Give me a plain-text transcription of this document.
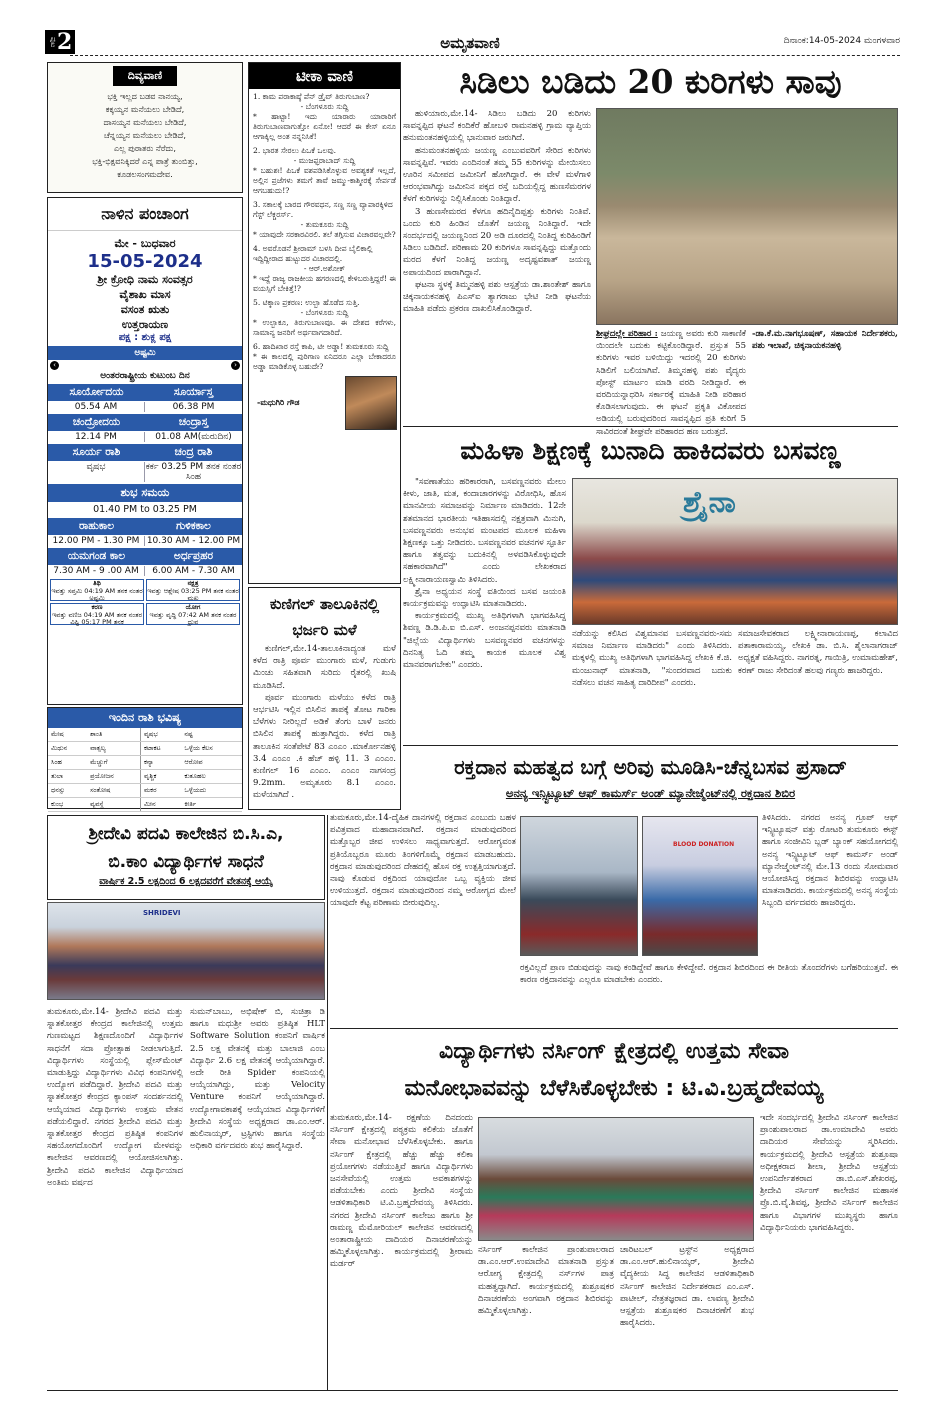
ಪುಟ 2	ಅಮೃತವಾಣಿ	ದಿನಾಂಕ:14-05-2024 ಮಂಗಳವಾರ
ದಿವ್ಯವಾಣಿ
ಭಕ್ತಿ ಇಲ್ಲದ ಬಡವ ನಾನಯ್ಯ,
ಕಕ್ಕಯ್ಯನ ಮನೆಯಲು ಬೇಡಿದೆ,
ದಾಸಯ್ಯನ ಮನೆಯಲು ಬೇಡಿದೆ,
ಚೆನ್ನಯ್ಯನ ಮನೆಯಲು ಬೇಡಿದೆ,
ಎಲ್ಲ ಪುರಾತರು ನೆರೆದು,
ಭಕ್ತಿ-ಭಿಕ್ಷವನಿಕ್ಕಿದರೆ ಎನ್ನ ಪಾತ್ರೆ ತುಂಬಿತ್ತು,
ಕೂಡಲಸಂಗಮದೇವ.
ನಾಳಿನ ಪಂಚಾಂಗ
ಮೇ - ಬುಧವಾರ
15-05-2024
ಶ್ರೀ ಕ್ರೋಧಿ ನಾಮ ಸಂವತ್ಸರ
ವೈಶಾಖ ಮಾಸ
ವಸಂತ ಋತು
ಉತ್ತರಾಯಣ
ಪಕ್ಷ : ಶುಕ್ಲ ಪಕ್ಷ
ಅಷ್ಟಮಿ
‹	›
ಅಂತರರಾಷ್ಟ್ರೀಯ ಕುಟುಂಬ ದಿನ
ಸೂರ್ಯೋದಯ	ಸೂರ್ಯಾಸ್ತ
05.54 AM	06.38 PM
ಚಂದ್ರೋದಯ	ಚಂದ್ರಾಸ್ತ
12.14 PM	01.08 AM(ಮರುದಿನ)
ಸೂರ್ಯ ರಾಶಿ	ಚಂದ್ರ ರಾಶಿ
ವೃಷಭ	ಕರ್ಕ 03.25 PM ತನಕ ನಂತರ ಸಿಂಹ
ಶುಭ ಸಮಯ
01.40 PM to 03.25 PM
ರಾಹುಕಾಲ	ಗುಳಿಕಕಾಲ
12.00 PM - 1.30 PM 10.30 AM - 12.00 PM
ಯಮಗಂಡ ಕಾಲ	ಅರ್ಧಪ್ರಹರ
7.30 AM - 9 .00 AM	6.00 AM - 7.30 AM
ತಿಥಿ
ಇವತ್ತು ಸಪ್ತಮಿ 04:19 AM ತನಕ ನಂತರ ಅಷ್ಟಮಿ
ನಕ್ಷತ್ರ
ಇವತ್ತು ಆಶ್ಲೇಷ 03:25 PM ತನಕ ನಂತರ ಮಖ
ಕರಣ
ಇವತ್ತು ವಣಿಜ 04:19 AM ತನಕ ನಂತರ ವಿಷ್ಟಿ 05:17 PM ತನಕ
ಯೋಗ
ಇವತ್ತು ವೃದ್ಧಿ 07:42 AM ತನಕ ನಂತರ ಧ್ರುವ
ಇಂದಿನ ರಾಶಿ ಭವಿಷ್ಯ
ಮೇಷ	ಶಾಂತಿ	ವೃಷಭ	ನಷ್ಟ
ಮಿಥುನ	ವಾತ್ಸಲ್ಯ	ಕಟಾಕಟ	ಒಳ್ಳೆಯ ಕೆಲಸ
ಸಿಂಹ	ಮೆಚ್ಚುಗೆ	ಕನ್ಯಾ	ಆರೋಪ
ತುಲಾ	ಪ್ರಯೋಜನ	ವೃಶ್ಚಿಕ	ಕುತೂಹಲ
ಧನಸ್ಸು	ಸಂತೋಷ	ಮಕರ	ಒಳ್ಳೆಯದು
ಕುಂಭ	ವ್ಯವಸ್ಥೆ	ಮೀನ	ಕೀರ್ತಿ
ಟೀಕಾ ವಾಣಿ
1. ಕಾಮ ಪರಾಕಾಷ್ಠೆ ಪೆನ್ ಡ್ರೈವ್ ತಿರುಗುಬಾಣ?
- ಬೆಂಗಳೂರು ಸುದ್ದಿ
* ಹಾಟ್ಟಾ! ಇದು ಯಾರಾರು ಯಾರಾರಿಗೆ ತಿರುಗುಬಾಣವಾಗುತ್ತೋ ಏನೋ! ಆದರೆ ಈ ಕೇಸ್ ಏನೂ ಆಗಾಕ್ಕಿಲ್ಲ ಅಂತ ನನ್ನನಿಸಿಕೆ!
2. ಭಾರತ ಸೇರಲು ಪಿಒಕೆ ಒಲವು.
- ಮುಜಫ್ಫರಾಬಾದ್ ಸುದ್ದಿ
* ಬಹುಶಃ! ಪಿಒಕೆ ವಶಪಡಿಸಿಕೊಳ್ಳುವ ಅವಶ್ಯಕತೆ ಇಲ್ಲದೆ, ಅಲ್ಲಿನ ಪ್ರಜೆಗಳು ತಮಗೆ ತಾವೆ ಜಮ್ಮು-ಕಾಶ್ಮೀರಕ್ಕೆ ಸೇರ್ಪಡೆ ಆಗಬಹುದು!?
3. ಸಕಾಲಕ್ಕೆ ಬಾರದ ಗೌರವಧನ, ಸಣ್ಣ ಸಣ್ಣ ವ್ಯಾಪಾರಕ್ಕಿಳಿದ ಗೆಸ್ಟ್ ಲೆಕ್ಚರರ್ಸ್.
- ತುಮಕೂರು ಸುದ್ದಿ
* ಯಾವುದೇ ಸರಕಾರವಿರಲಿ. ತಲೆ ತಗ್ಗಿಸುವ ವಿಚಾರವಲ್ಲವೇ?
4. ಅವರೊಡನೆ ಶ್ರೀರಾಮ್ ಬಳಸಿ ದೀಪ ಬೈಲಿಕಾಲ್ಲಿ ಇದ್ದಿದ್ದೀರಾದ ಹುಟ್ಟುದರ ವಿಚಾರದಲ್ಲಿ.
- ಆರ್.ಅಶೋಕ್
* ಇದ್ದೆ ರಾಜ್ಯ ರಾಜಕೀಯ ಹಗರಣದಲ್ಲಿ ಕೇಳಿಬರುತ್ತಿದ್ದರೆ! ಈ ವಯಸ್ಸಿಗೆ ಬೇಕಿತ್ತೆ!?
5. ಟಿಕ್ಕಾಣ ಪ್ರಕರಣ: ಉಲ್ಬಾ ಹೊಡೆದ ಸುತ್ತಿ.
- ಬೆಂಗಳೂರು ಸುದ್ದಿ
* ಉಲ್ಬಾಕೂ, ತಿರುಗುಬಾಣವೂ. ಈ ದೇಶದ ಕರೆಗಳು, ಸಾಮಾನ್ಯ ಜನರಿಗೆ ಅರ್ಥವಾಗದಾರಿದೆ.
6. ಹಾದಿಖಾರ ರಸ್ತೆ ಕಾಪಿ, ಟೀ ಅಡ್ಡಾ! ತುಮಕೂರು ಸುದ್ದಿ
* ಈ ಕಾಲದಲ್ಲಿ ಪುರಿಗಾಣ ಏನಿದರೂ ಎಲ್ಲಾ ಬೇಕಾದರೂ ಅಡ್ಡಾ ಮಾಡಿಕೊಳ್ಳ ಬಹುದೇ?
-ಮಧುಗಿರಿ ಗೌಡ
ಕುಣಿಗಲ್ ತಾಲೂಕಿನಲ್ಲಿ ಭರ್ಜರಿ ಮಳೆ

ಕುಣಿಗಲ್,ಮೇ.14-ತಾಲೂಕಿನಾದ್ಯಂತ ಮಳೆ ಕಳೆದ ರಾತ್ರಿ ಪೂರ್ವ ಮುಂಗಾರು ಮಳೆ, ಗುಡುಗು ಮಿಂಚು ಸಹಿತವಾಗಿ ಸುರಿದು ರೈತರಲ್ಲಿ ಖುಷಿ ಮೂಡಿಸಿದೆ.

ಪೂರ್ವ ಮುಂಗಾರು ಮಳೆಯು ಕಳೆದ ರಾತ್ರಿ ಆರ್ಭಟಿಸಿ ಇಲ್ಲಿನ ಬಿಸಿಲಿನ ತಾಪಕ್ಕೆ ತೋಟ ಗಾರಿಕಾ ಬೆಳೆಗಳು ನೀರಿಲ್ಲದೆ ಅಡಿಕೆ ತೆಂಗು ಬಾಳೆ ಜನರು ಬಿಸಿಲಿನ ತಾಪಕ್ಕೆ ಹುತ್ತಾಗಿದ್ದರು. ಕಳೆದ ರಾತ್ರಿ ತಾಲೂಕಿನ ಸಂತೆಪೇಟೆ 83 ಎಂಎಂ .ಮಾರ್ಕೋನಹಳ್ಳಿ 3.4 ಎಂಎಂ .ಕಿ ಹೆಚ್ ಹಳ್ಳಿ 11. 3 ಎಂಎಂ. ಕುಣಿಗಲ್ 16 ಎಂಎಂ. ಎಂಎಂ ನಾಗಸಂದ್ರ 9.2mm. ಅಮೃತೂರು 8.1 ಎಂಎಂ. ಮಳೆಯಾಗಿದೆ .

ಸಿಡಿಲು ಬಡಿದು 20 ಕುರಿಗಳು ಸಾವು

ಹುಳಿಯಾರು,ಮೇ.14- ಸಿಡಿಲು ಬಡಿದು 20 ಕುರಿಗಳು ಸಾವನ್ನಪ್ಪಿದ ಘಟನೆ ಕಂದಿಕೆರೆ ಹೋಬಳಿ ರಾಮನಹಳ್ಳಿ ಗ್ರಾಮ ವ್ಯಾಪ್ತಿಯ ಹನುಮಂತನಹಳ್ಳಿಯಲ್ಲಿ ಭಾನುವಾರ ಜರುಗಿದೆ.

ಹನುಮಂತನಹಳ್ಳಿಯ ಜಯಣ್ಣ ಎಂಬುವವರಿಗೆ ಸೇರಿದ ಕುರಿಗಳು ಸಾವನ್ನಪ್ಪಿವೆ. ಇವರು ಎಂದಿನಂತೆ ತಮ್ಮ 55 ಕುರಿಗಳನ್ನು ಮೇಯಿಸಲು ಊರಿನ ಸಮೀಪದ ಜಮೀನಿಗೆ ಹೋಗಿದ್ದಾರೆ. ಈ ವೇಳೆ ಮಳೆಗಾಳಿ ಆರಂಭವಾಗಿದ್ದು ಜಮೀನಿನ ಪಕ್ಕದ ರಸ್ತೆ ಬದಿಯಲ್ಲಿದ್ದ ಹುಣಸೆಮರಗಳ ಕೆಳಗೆ ಕುರಿಗಳನ್ನು ನಿಲ್ಲಿಸಿಕೊಂಡು ನಿಂತಿದ್ದಾರೆ.

3 ಹುಣಸೇಮರದ ಕೆಳಗೂ ಹದಿನೈದಿಪ್ಪತ್ತು ಕುರಿಗಳು ನಿಂತಿವೆ. ಒಂದು ಕುರಿ ಹಿಂಡಿನ ಜೊತೆಗೆ ಜಯಣ್ಣ ನಿಂತಿದ್ದಾರೆ. ಇದೇ ಸಂದರ್ಭದಲ್ಲಿ ಜಯಣ್ಣನಿಂದ 20 ಅಡಿ ದೂರದಲ್ಲಿ ನಿಂತಿದ್ದ ಕುರಿಹಿಂಡಿಗೆ ಸಿಡಿಲು ಬಡಿದಿದೆ. ಪರಿಣಾಮ 20 ಕುರಿಗಳೂ ಸಾವನ್ನಪ್ಪಿದ್ದು ಮತ್ತೊಂದು ಮರದ ಕೆಳಗೆ ನಿಂತಿದ್ದ ಜಯಣ್ಣ ಅದೃಷ್ಟವಶಾತ್ ಜಯಣ್ಣ ಅಪಾಯದಿಂದ ಪಾರಾಗಿದ್ದಾನೆ.

ಘಟನಾ ಸ್ಥಳಕ್ಕೆ ತಿಮ್ಮನಹಳ್ಳಿ ಪಶು ಆಸ್ಪತ್ರೆಯ ಡಾ.ಶಾಂತೇಶ್ ಹಾಗೂ ಚಿಕ್ಕನಾಯಕನಹಳ್ಳಿ ಪಿಎಸ್‍ಐ ತ್ಯಾಗರಾಜು ಭೇಟಿ ನೀಡಿ ಘಟನೆಯ ಮಾಹಿತಿ ಪಡೆದು ಪ್ರಕರಣ ದಾಖಲಿಸಿಕೊಂಡಿದ್ದಾರೆ.

ಶೀಘ್ರದಲ್ಲೇ ಪರಿಹಾರ : ಜಯಣ್ಣ ಅವರು ಕುರಿ ಸಾಕಾಣಿಕೆ ಯಿಂದಲೇ ಬದುಕು ಕಟ್ಟಿಕೊಂಡಿದ್ದಾರೆ. ಪ್ರಸ್ತುತ 55 ಕುರಿಗಳು ಇವರ ಬಳಿಯಿದ್ದು ಇದರಲ್ಲಿ 20 ಕುರಿಗಳು ಸಿಡಿಲಿಗೆ ಬಲಿಯಾಗಿವೆ. ತಿಮ್ಮನಹಳ್ಳಿ ಪಶು ವೈದ್ಯರು ಪೋಸ್ಟ್ ಮಾರ್ಟಂ ಮಾಡಿ ವರದಿ ನೀಡಿದ್ದಾರೆ. ಈ ವರದಿಯನ್ನಾಧರಿಸಿ ಸರ್ಕಾರಕ್ಕೆ ಮಾಹಿತಿ ನೀಡಿ ಪರಿಹಾರ ಕೊಡಿಸಲಾಗುವುದು. ಈ ಘಟನೆ ಪ್ರಕೃತಿ ವಿಕೋಪದ ಅಡಿಯಲ್ಲಿ ಬರುವುದರಿಂದ ಸಾವನ್ನಪ್ಪಿದ ಪ್ರತಿ ಕುರಿಗೆ 5 ಸಾವಿರದಂತೆ ಶೀಘ್ರವೇ ಪರಿಹಾರದ ಹಣ ಬರುತ್ತದೆ.
-ಡಾ.ಕೆ.ಮ.ನಾಗಭೂಷಣ್, ಸಹಾಯಕ ನಿರ್ದೇಶಕರು, ಪಶು ಇಲಾಖೆ, ಚಿಕ್ಕನಾಯಕನಹಳ್ಳಿ
ಮಹಿಳಾ ಶಿಕ್ಷಣಕ್ಕೆ ಬುನಾದಿ ಹಾಕಿದವರು ಬಸವಣ್ಣ

"ಸವಣಾತೆಯು ಹರಿಕಾರರಾಗಿ, ಬಸವಣ್ಣನವರು ಮೇಲು ಕೀಳು, ಜಾತಿ, ಮತ, ಕಂದಾಚಾರಗಳನ್ನು ವಿರೋಧಿಸಿ, ಹೊಸ ಮಾನವೀಯ ಸಮಾಜವನ್ನು ನಿರ್ಮಾಣ ಮಾಡಿದರು. 12ನೇ ಶತಮಾನದ ಭಾರತೀಯ ಇತಿಹಾಸದಲ್ಲಿ ನಕ್ಷತ್ರವಾಗಿ ಮಿನುಗಿ, ಬಸವಣ್ಣನವರು ಅನುಭವ ಮಂಟಪದ ಮೂಲಕ ಮಹಿಳಾ ಶಿಕ್ಷಣಕ್ಕೂ ಒತ್ತು ನೀಡಿದರು. ಬಸವಣ್ಣನವರ ವಚನಗಳ ಸ್ಫೂರ್ತಿ ಹಾಗೂ ತತ್ವವನ್ನು ಬದುಕಿನಲ್ಲಿ ಅಳವಡಿಸಿಕೊಳ್ಳುವುದೇ ಸಹಕಾರವಾಗಿದೆ" ಎಂದು ಲೇಖಕರಾದ ಲಕ್ಷ್ಮೀನಾರಾಯಣಸ್ವಾಮಿ ತಿಳಿಸಿದರು.

ಶ್ರೈನಾ ಅಧ್ಯಯನ ಸಂಸ್ಥೆ ವತಿಯಿಂದ ಬಸವ ಜಯಂತಿ ಕಾರ್ಯಕ್ರಮವನ್ನು ಉದ್ಘಾಟಿಸಿ ಮಾತನಾಡಿದರು.

ಕಾರ್ಯಕ್ರಮದಲ್ಲಿ ಮುಖ್ಯ ಅತಿಥಿಗಳಾಗಿ ಭಾಗವಹಿಸಿದ್ದ ಶಿವಣ್ಣ ಡಿ.ಡಿ.ಪಿ.ಐ ಬಿ.ಎಸ್. ಅಂಜನಪ್ಪನವರು ಮಾತನಾಡಿ "ಜಿಲ್ಲೆಯ ವಿದ್ಯಾರ್ಥಿಗಳು ಬಸವಣ್ಣನವರ ವಚನಗಳನ್ನು ದಿನನಿತ್ಯ ಓದಿ ತಮ್ಮ ಕಾಯಕ ಮೂಲಕ ವಿಶ್ವ ಮಾನವರಾಗಬೇಕು" ಎಂದರು.

ಶ್ರೈನಾ
ನಡೆಯನ್ನು ಕಲಿಸಿದ ವಿಶ್ವಮಾನವ ಬಸವಣ್ಣನವರು-ಸಮ ಸಮಾಜ ನಿರ್ಮಾಣ ಮಾಡಿದರು" ಎಂದು ತಿಳಿಸಿದರು. ಮಕ್ಕಳಲ್ಲಿ ಮುಖ್ಯ ಅತಿಥಿಗಳಾಗಿ ಭಾಗವಹಿಸಿದ್ದ ಲೇಖಕಿ ಕೆ.ಜಿ. ಮಂಜುನಾಥ್ ಮಾತನಾಡಿ, "ಸುಂದರವಾದ ಬದುಕು ನಡೆಸಲು ವಚನ ಸಾಹಿತ್ಯ ದಾರಿದೀಪ" ಎಂದರು.
ಸಮಾಜಸೇವಕರಾದ ಲಕ್ಷ್ಮೀನಾರಾಯಣಪ್ಪ, ಕಲಾವಿದ ಪತಾಕಾರಾಮಯ್ಯ, ಲೇಖಕಿ ಡಾ. ಬಿ.ಸಿ. ಶೈಲಾನಾಗರಾಜ್ ಅಧ್ಯಕ್ಷತೆ ವಹಿಸಿದ್ದರು. ನಾಗರತ್ನ, ಗಾಯಿತ್ರಿ, ಉಮಾಮಹೇಶ್, ಕರಣ್ ರಾಜು ಸೇರಿದಂತೆ ಹಲವು ಗಣ್ಯರು ಹಾಜರಿದ್ದರು.
ರಕ್ತದಾನ ಮಹತ್ವದ ಬಗ್ಗೆ ಅರಿವು ಮೂಡಿಸಿ-ಚೆನ್ನಬಸವ ಪ್ರಸಾದ್
ಅನನ್ಯ ಇನ್ಸ್ಟಿಟ್ಯೂಟ್ ಆಫ್ ಕಾಮರ್ಸ್ ಅಂಡ್ ಮ್ಯಾನೇಜ್ಮೆಂಟ್‌ನಲ್ಲಿ ರಕ್ತದಾನ ಶಿಬಿರ
ತುಮಕೂರು,ಮೇ.14-ದೈಹಿಕ ದಾನಗಳಲ್ಲಿ ರಕ್ತದಾನ ಎಂಬುದು ಬಹಳ ಪವಿತ್ರವಾದ ಮಹಾದಾನವಾಗಿದೆ. ರಕ್ತದಾನ ಮಾಡುವುದರಿಂದ ಮತ್ತೊಬ್ಬರ ಜೀವ ಉಳಿಸಲು ಸಾಧ್ಯವಾಗುತ್ತದೆ. ಆರೋಗ್ಯವಂತ ಪ್ರತಿಯೊಬ್ಬರೂ ಮೂರು ತಿಂಗಳಿಗೊಮ್ಮೆ ರಕ್ತದಾನ ಮಾಡಬಹುದು. ರಕ್ತದಾನ ಮಾಡುವುದರಿಂದ ದೇಹದಲ್ಲಿ ಹೊಸ ರಕ್ತ ಉತ್ಪತ್ತಿಯಾಗುತ್ತದೆ. ನಾವು ಕೊಡುವ ರಕ್ತದಿಂದ ಯಾವುದೋ ಒಬ್ಬ ವ್ಯಕ್ತಿಯ ಜೀವ ಉಳಿಯುತ್ತದೆ. ರಕ್ತದಾನ ಮಾಡುವುದರಿಂದ ನಮ್ಮ ಆರೋಗ್ಯದ ಮೇಲೆ ಯಾವುದೇ ಕೆಟ್ಟ ಪರಿಣಾಮ ಬೀರುವುದಿಲ್ಲ.
BLOOD DONATION
ತಿಳಿಸಿದರು. ನಗರದ ಅನನ್ಯ ಗ್ರೂಪ್ ಆಫ್ ಇನ್ಸ್ಟಿಟ್ಯೂಷನ್ ವತ್ತು ರೋಟರಿ ತುಮಕೂರು ಈಸ್ಟ್ ಹಾಗೂ ಸಂಜೀವಿನಿ ಬ್ಲಡ್ ಬ್ಯಾಂಕ್ ಸಹಯೋಗದಲ್ಲಿ ಅನನ್ಯ ಇನ್ಸ್ಟಿಟ್ಯೂಟ್ ಆಫ್ ಕಾಮರ್ಸ್ ಅಂಡ್ ಮ್ಯಾನೇಜ್ಮೆಂಟ್‌ನಲ್ಲಿ ಮೇ.13 ರಂದು ಸೋಮವಾರ ಆಯೋಜಿಸಿದ್ದ ರಕ್ತದಾನ ಶಿಬಿರವನ್ನು ಉದ್ಘಾಟಿಸಿ ಮಾತನಾಡಿದರು. ಕಾರ್ಯಕ್ರಮದಲ್ಲಿ ಅನನ್ಯ ಸಂಸ್ಥೆಯ ಸಿಬ್ಬಂದಿ ವರ್ಗದವರು ಹಾಜರಿದ್ದರು.
ರಕ್ತವಿಲ್ಲದೆ ಪ್ರಾಣ ಬಿಡುವುದನ್ನು ನಾವು ಕಂಡಿದ್ದೇವೆ ಹಾಗೂ ಕೇಳಿದ್ದೇವೆ. ರಕ್ತದಾನ ಶಿಬಿರದಿಂದ ಈ ರೀತಿಯ ತೊಂದರೆಗಳು ಬಗೆಹರಿಯುತ್ತವೆ. ಈ ಕಾರಣ ರಕ್ತದಾನವನ್ನು ಎಲ್ಲರೂ ಮಾಡಬೇಕು ಎಂದರು.
ಶ್ರೀದೇವಿ ಪದವಿ ಕಾಲೇಜಿನ ಬಿ.ಸಿ.ಎ,
ಬಿ.ಕಾಂ ವಿದ್ಯಾರ್ಥಿಗಳ ಸಾಧನೆ
ವಾರ್ಷಿಕ 2.5 ಲಕ್ಷದಿಂದ 6 ಲಕ್ಷದವರೆಗೆ ವೇತನಕ್ಕೆ ಆಯ್ಕೆ
SHRIDEVI
ತುಮಕೂರು,ಮೇ.14- ಶ್ರೀದೇವಿ ಪದವಿ ಮತ್ತು ಸ್ನಾತಕೋತ್ತರ ಕೇಂದ್ರದ ಕಾಲೇಜಿನಲ್ಲಿ ಉತ್ತಮ ಗುಣಮಟ್ಟದ ಶಿಕ್ಷಣದೊಂದಿಗೆ ವಿದ್ಯಾರ್ಥಿಗಳ ಸಾಧನೆಗೆ ಸದಾ ಪ್ರೋತ್ಸಾಹ ನೀಡಲಾಗುತ್ತಿದೆ. ವಿದ್ಯಾರ್ಥಿಗಳು ಸಂಸ್ಥೆಯಲ್ಲಿ ಪ್ಲೇಸ್‌ಮೆಂಟ್ ಮಾಡುತ್ತಿದ್ದು ವಿದ್ಯಾರ್ಥಿಗಳು ವಿವಿಧ ಕಂಪನಿಗಳಲ್ಲಿ ಉದ್ಯೋಗ ಪಡೆದಿದ್ದಾರೆ. ಶ್ರೀದೇವಿ ಪದವಿ ಮತ್ತು ಸ್ನಾತಕೋತ್ತರ ಕೇಂದ್ರದ ಕ್ಯಾಂಪಸ್ ಸಂದರ್ಶನದಲ್ಲಿ ಆಯ್ಕೆಯಾದ ವಿದ್ಯಾರ್ಥಿಗಳು ಉತ್ತಮ ವೇತನ ಪಡೆಯಲಿದ್ದಾರೆ. ನಗರದ ಶ್ರೀದೇವಿ ಪದವಿ ಮತ್ತು ಸ್ನಾತಕೋತ್ತರ ಕೇಂದ್ರದ ಪ್ರತಿಷ್ಠಿತ ಕಂಪನಿಗಳ ಸಹಯೋಗದೊಂದಿಗೆ ಉದ್ಯೋಗ ಮೇಳವನ್ನು ಕಾಲೇಜಿನ ಆವರಣದಲ್ಲಿ ಆಯೋಜಿಸಲಾಗಿತ್ತು. ಶ್ರೀದೇವಿ ಪದವಿ ಕಾಲೇಜಿನ ವಿದ್ಯಾರ್ಥಿಯಾದ ಅಂತಿಮ ವರ್ಷದ
ಸುಮನ್‌ಬಾಬು, ಅಭಿಷೇಕ್ ಬಿ, ಸುಚಿತ್ರಾ ಡಿ ಹಾಗೂ ಮಧುಶ್ರೀ ಅವರು ಪ್ರತಿಷ್ಠಿತ HLT Software Solution ಕಂಪನಿಗೆ ವಾರ್ಷಿಕ 2.5 ಲಕ್ಷ ವೇತನಕ್ಕೆ ಮತ್ತು ಬಾಲಾಜಿ ಎಂಬ ವಿದ್ಯಾರ್ಥಿ 2.6 ಲಕ್ಷ ವೇತನಕ್ಕೆ ಆಯ್ಕೆಯಾಗಿದ್ದಾರೆ. ಅದೇ ರೀತಿ Spider ಕಂಪನಿಯಲ್ಲಿ ಆಯ್ಕೆಯಾಗಿದ್ದು, ಮತ್ತು Velocity Venture ಕಂಪನಿಗೆ ಆಯ್ಕೆಯಾಗಿದ್ದಾರೆ. ಉದ್ಯೋಗಾವಕಾಶಕ್ಕೆ ಆಯ್ಕೆಯಾದ ವಿದ್ಯಾರ್ಥಿಗಳಿಗೆ ಶ್ರೀದೇವಿ ಸಂಸ್ಥೆಯ ಅಧ್ಯಕ್ಷರಾದ ಡಾ.ಎಂ.ಆರ್. ಹುಲಿನಾಯ್ಕರ್, ಟ್ರಸ್ಟಿಗಳು ಹಾಗೂ ಸಂಸ್ಥೆಯ ಅಧಿಕಾರಿ ವರ್ಗದವರು ಶುಭ ಹಾರೈಸಿದ್ದಾರೆ.
ವಿದ್ಯಾರ್ಥಿಗಳು ನರ್ಸಿಂಗ್ ಕ್ಷೇತ್ರದಲ್ಲಿ ಉತ್ತಮ ಸೇವಾ
ಮನೋಭಾವವನ್ನು ಬೆಳೆಸಿಕೊಳ್ಳಬೇಕು : ಟಿ.ವಿ.ಬ್ರಹ್ಮದೇವಯ್ಯ
ತುಮಕೂರು,ಮೇ.14- ರಕ್ಷಣೆಯ ದಿನದಂದು ನರ್ಸಿಂಗ್ ಕ್ಷೇತ್ರದಲ್ಲಿ ಪಠ್ಯಕ್ರಮ ಕಲಿಕೆಯ ಜೊತೆಗೆ ಸೇವಾ ಮನೋಭಾವ ಬೆಳೆಸಿಕೊಳ್ಳಬೇಕು. ಹಾಗೂ ನರ್ಸಿಂಗ್ ಕ್ಷೇತ್ರದಲ್ಲಿ ಹೆಚ್ಚು ಹೆಚ್ಚು ಕಲಿಕಾ ಪ್ರಯೋಗಗಳು ನಡೆಯುತ್ತಿವೆ ಹಾಗೂ ವಿದ್ಯಾರ್ಥಿಗಳು ಜನಸೇವೆಯಲ್ಲಿ ಉತ್ತಮ ಅವಕಾಶಗಳನ್ನು ಪಡೆಯಬೇಕು ಎಂದು ಶ್ರೀದೇವಿ ಸಂಸ್ಥೆಯ ಆಡಳಿತಾಧಿಕಾರಿ ಟಿ.ವಿ.ಬ್ರಹ್ಮದೇವಯ್ಯ ತಿಳಿಸಿದರು. ನಗರದ ಶ್ರೀದೇವಿ ನರ್ಸಿಂಗ್ ಕಾಲೇಜು ಹಾಗೂ ಶ್ರೀ ರಾಮಣ್ಣ ಮೆಮೋರಿಯಲ್ ಕಾಲೇಜಿನ ಆವರಣದಲ್ಲಿ ಅಂತಾರಾಷ್ಟ್ರೀಯ ದಾದಿಯರ ದಿನಾಚರಣೆಯನ್ನು ಹಮ್ಮಿಕೊಳ್ಳಲಾಗಿತ್ತು. ಕಾರ್ಯಕ್ರಮದಲ್ಲಿ ಶ್ರೀರಾಮ ಮರ್ಡರ್
ನರ್ಸಿಂಗ್ ಕಾಲೇಜಿನ ಪ್ರಾಂಶುಪಾಲರಾದ ಡಾ.ಎಂ.ಆರ್.ಉಮಾದೇವಿ ಮಾತನಾಡಿ ಪ್ರಸ್ತುತ ಆರೋಗ್ಯ ಕ್ಷೇತ್ರದಲ್ಲಿ ನರ್ಸ್‌ಗಳ ಪಾತ್ರ ಮಹತ್ವದ್ದಾಗಿದೆ. ಕಾರ್ಯಕ್ರಮದಲ್ಲಿ ಶುಶ್ರೂಷಕರ ದಿನಾಚರಣೆಯ ಅಂಗವಾಗಿ ರಕ್ತದಾನ ಶಿಬಿರವನ್ನು ಹಮ್ಮಿಕೊಳ್ಳಲಾಗಿತ್ತು.
ಚಾರಿಟಬಲ್ ಟ್ರಸ್ಟ್‌ನ ಅಧ್ಯಕ್ಷರಾದ ಡಾ.ಎಂ.ಆರ್.ಹುಲಿನಾಯ್ಕರ್, ಶ್ರೀದೇವಿ ವೈದ್ಯಕೀಯ ಸಿದ್ಧ ಕಾಲೇಜಿನ ಆಡಳಿತಾಧಿಕಾರಿ ನರ್ಸಿಂಗ್ ಕಾಲೇಜಿನ ನಿರ್ದೇಶಕರಾದ ಎಂ.ಎಸ್. ಪಾಟೀಲ್, ನೇತ್ರತಜ್ಞರಾದ ಡಾ. ಲಾವಣ್ಯ ಶ್ರೀದೇವಿ ಆಸ್ಪತ್ರೆಯ ಶುಶ್ರೂಷಕರ ದಿನಾಚರಣೆಗೆ ಶುಭ ಹಾರೈಸಿದರು.
ಇದೇ ಸಂದರ್ಭದಲ್ಲಿ ಶ್ರೀದೇವಿ ನರ್ಸಿಂಗ್ ಕಾಲೇಜಿನ ಪ್ರಾಂಶುಪಾಲರಾದ ಡಾ.ಉಮಾದೇವಿ ಅವರು ದಾದಿಯರ ಸೇವೆಯನ್ನು ಸ್ಮರಿಸಿದರು. ಕಾರ್ಯಕ್ರಮದಲ್ಲಿ ಶ್ರೀದೇವಿ ಆಸ್ಪತ್ರೆಯ ಶುಶ್ರೂಷಾ ಅಧೀಕ್ಷಕರಾದ ಶೀಲಾ, ಶ್ರೀದೇವಿ ಆಸ್ಪತ್ರೆಯ ಉಪನಿರ್ದೇಶಕರಾದ ಡಾ.ಬಿ.ಎಸ್.ಶೇಖರಪ್ಪ, ಶ್ರೀದೇವಿ ನರ್ಸಿಂಗ್ ಕಾಲೇಜಿನ ಮಹಾಸಕ ಪ್ರೊ.ಬಿ.ವೈ.ಶಿವಪ್ಪ, ಶ್ರೀದೇವಿ ನರ್ಸಿಂಗ್ ಕಾಲೇಜಿನ ಹಾಗೂ ವಿಭಾಗಗಳ ಮುಖ್ಯಸ್ಥರು ಹಾಗೂ ವಿದ್ಯಾರ್ಥಿನಿಯರು ಭಾಗವಹಿಸಿದ್ದರು.
